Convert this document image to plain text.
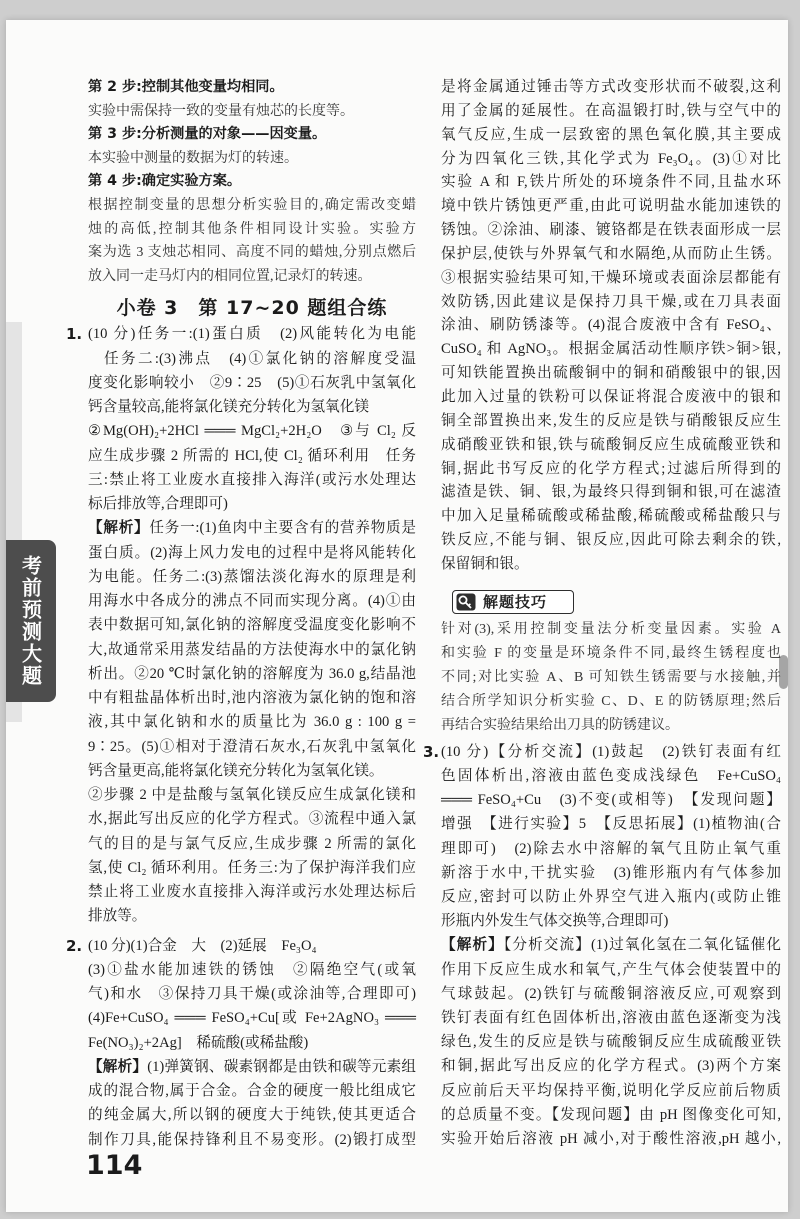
考前预测大题
第 2 步:控制其他变量均相同。
实验中需保持一致的变量有烛芯的长度等。
第 3 步:分析测量的对象——因变量。
本实验中测量的数据为灯的转速。
第 4 步:确定实验方案。
根据控制变量的思想分析实验目的,确定需改变蜡
烛的高低,控制其他条件相同设计实验。实验方
案为选 3 支烛芯相同、高度不同的蜡烛,分别点燃后
放入同一走马灯内的相同位置,记录灯的转速。
小卷 3　第 17~20 题组合练
1. (10 分)任务一:(1)蛋白质　(2)风能转化为电能
任务二:(3)沸点　(4)①氯化钠的溶解度受温
度变化影响较小　②9∶25　(5)①石灰乳中氢氧化
钙含量较高,能将氯化镁充分转化为氢氧化镁
②Mg(OH)₂+2HCl ═══ MgCl₂+2H₂O　③与 Cl₂ 反
应生成步骤 2 所需的 HCl,使 Cl₂ 循环利用　任务
三:禁止将工业废水直接排入海洋(或污水处理达
标后排放等,合理即可)
【解析】任务一:(1)鱼肉中主要含有的营养物质是
蛋白质。(2)海上风力发电的过程中是将风能转化
为电能。任务二:(3)蒸馏法淡化海水的原理是利
用海水中各成分的沸点不同而实现分离。(4)①由
表中数据可知,氯化钠的溶解度受温度变化影响不
大,故通常采用蒸发结晶的方法使海水中的氯化钠
析出。②20 ℃时氯化钠的溶解度为 36.0 g,结晶池
中有粗盐晶体析出时,池内溶液为氯化钠的饱和溶
液,其中氯化钠和水的质量比为 36.0 g : 100 g =
9∶25。(5)①相对于澄清石灰水,石灰乳中氢氧化
钙含量更高,能将氯化镁充分转化为氢氧化镁。
②步骤 2 中是盐酸与氢氧化镁反应生成氯化镁和
水,据此写出反应的化学方程式。③流程中通入氯
气的目的是与氯气反应,生成步骤 2 所需的氯化
氢,使 Cl₂ 循环利用。任务三:为了保护海洋我们应
禁止将工业废水直接排入海洋或污水处理达标后
排放等。
2. (10 分)(1)合金　大　(2)延展　Fe₃O₄
(3)①盐水能加速铁的锈蚀　②隔绝空气(或氧
气)和水　③保持刀具干燥(或涂油等,合理即可)
(4)Fe+CuSO₄ ═══ FeSO₄+Cu[或 Fe+2AgNO₃ ═══
Fe(NO₃)₂+2Ag]　稀硫酸(或稀盐酸)
【解析】(1)弹簧钢、碳素钢都是由铁和碳等元素组
成的混合物,属于合金。合金的硬度一般比组成它
的纯金属大,所以钢的硬度大于纯铁,使其更适合
制作刀具,能保持锋利且不易变形。(2)锻打成型
是将金属通过锤击等方式改变形状而不破裂,这利
用了金属的延展性。在高温锻打时,铁与空气中的
氧气反应,生成一层致密的黑色氧化膜,其主要成
分为四氧化三铁,其化学式为 Fe₃O₄。(3)①对比
实验 A 和 F,铁片所处的环境条件不同,且盐水环
境中铁片锈蚀更严重,由此可说明盐水能加速铁的
锈蚀。②涂油、刷漆、镀铬都是在铁表面形成一层
保护层,使铁与外界氧气和水隔绝,从而防止生锈。
③根据实验结果可知,干燥环境或表面涂层都能有
效防锈,因此建议是保持刀具干燥,或在刀具表面
涂油、刷防锈漆等。(4)混合废液中含有 FeSO₄、
CuSO₄ 和 AgNO₃。根据金属活动性顺序铁>铜>银,
可知铁能置换出硫酸铜中的铜和硝酸银中的银,因
此加入过量的铁粉可以保证将混合废液中的银和
铜全部置换出来,发生的反应是铁与硝酸银反应生
成硝酸亚铁和银,铁与硫酸铜反应生成硫酸亚铁和
铜,据此书写反应的化学方程式;过滤后所得到的
滤渣是铁、铜、银,为最终只得到铜和银,可在滤渣
中加入足量稀硫酸或稀盐酸,稀硫酸或稀盐酸只与
铁反应,不能与铜、银反应,因此可除去剩余的铁,
保留铜和银。
解题技巧
针对(3),采用控制变量法分析变量因素。实验 A
和实验 F 的变量是环境条件不同,最终生锈程度也
不同;对比实验 A、B 可知铁生锈需要与水接触,并
结合所学知识分析实验 C、D、E 的防锈原理;然后
再结合实验结果给出刀具的防锈建议。
3. (10 分)【分析交流】(1)鼓起　(2)铁钉表面有红
色固体析出,溶液由蓝色变成浅绿色　Fe+CuSO₄
═══ FeSO₄+Cu　(3)不变(或相等)　【发现问题】
增强　【进行实验】5　【反思拓展】(1)植物油(合
理即可)　(2)除去水中溶解的氧气且防止氧气重
新溶于水中,干扰实验　(3)锥形瓶内有气体参加
反应,密封可以防止外界空气进入瓶内(或防止锥
形瓶内外发生气体交换等,合理即可)
【解析】【分析交流】(1)过氧化氢在二氧化锰催化
作用下反应生成水和氧气,产生气体会使装置中的
气球鼓起。(2)铁钉与硫酸铜溶液反应,可观察到
铁钉表面有红色固体析出,溶液由蓝色逐渐变为浅
绿色,发生的反应是铁与硫酸铜反应生成硫酸亚铁
和铜,据此写出反应的化学方程式。(3)两个方案
反应前后天平均保持平衡,说明化学反应前后物质
的总质量不变。【发现问题】由 pH 图像变化可知,
实验开始后溶液 pH 减小,对于酸性溶液,pH 越小,
114
